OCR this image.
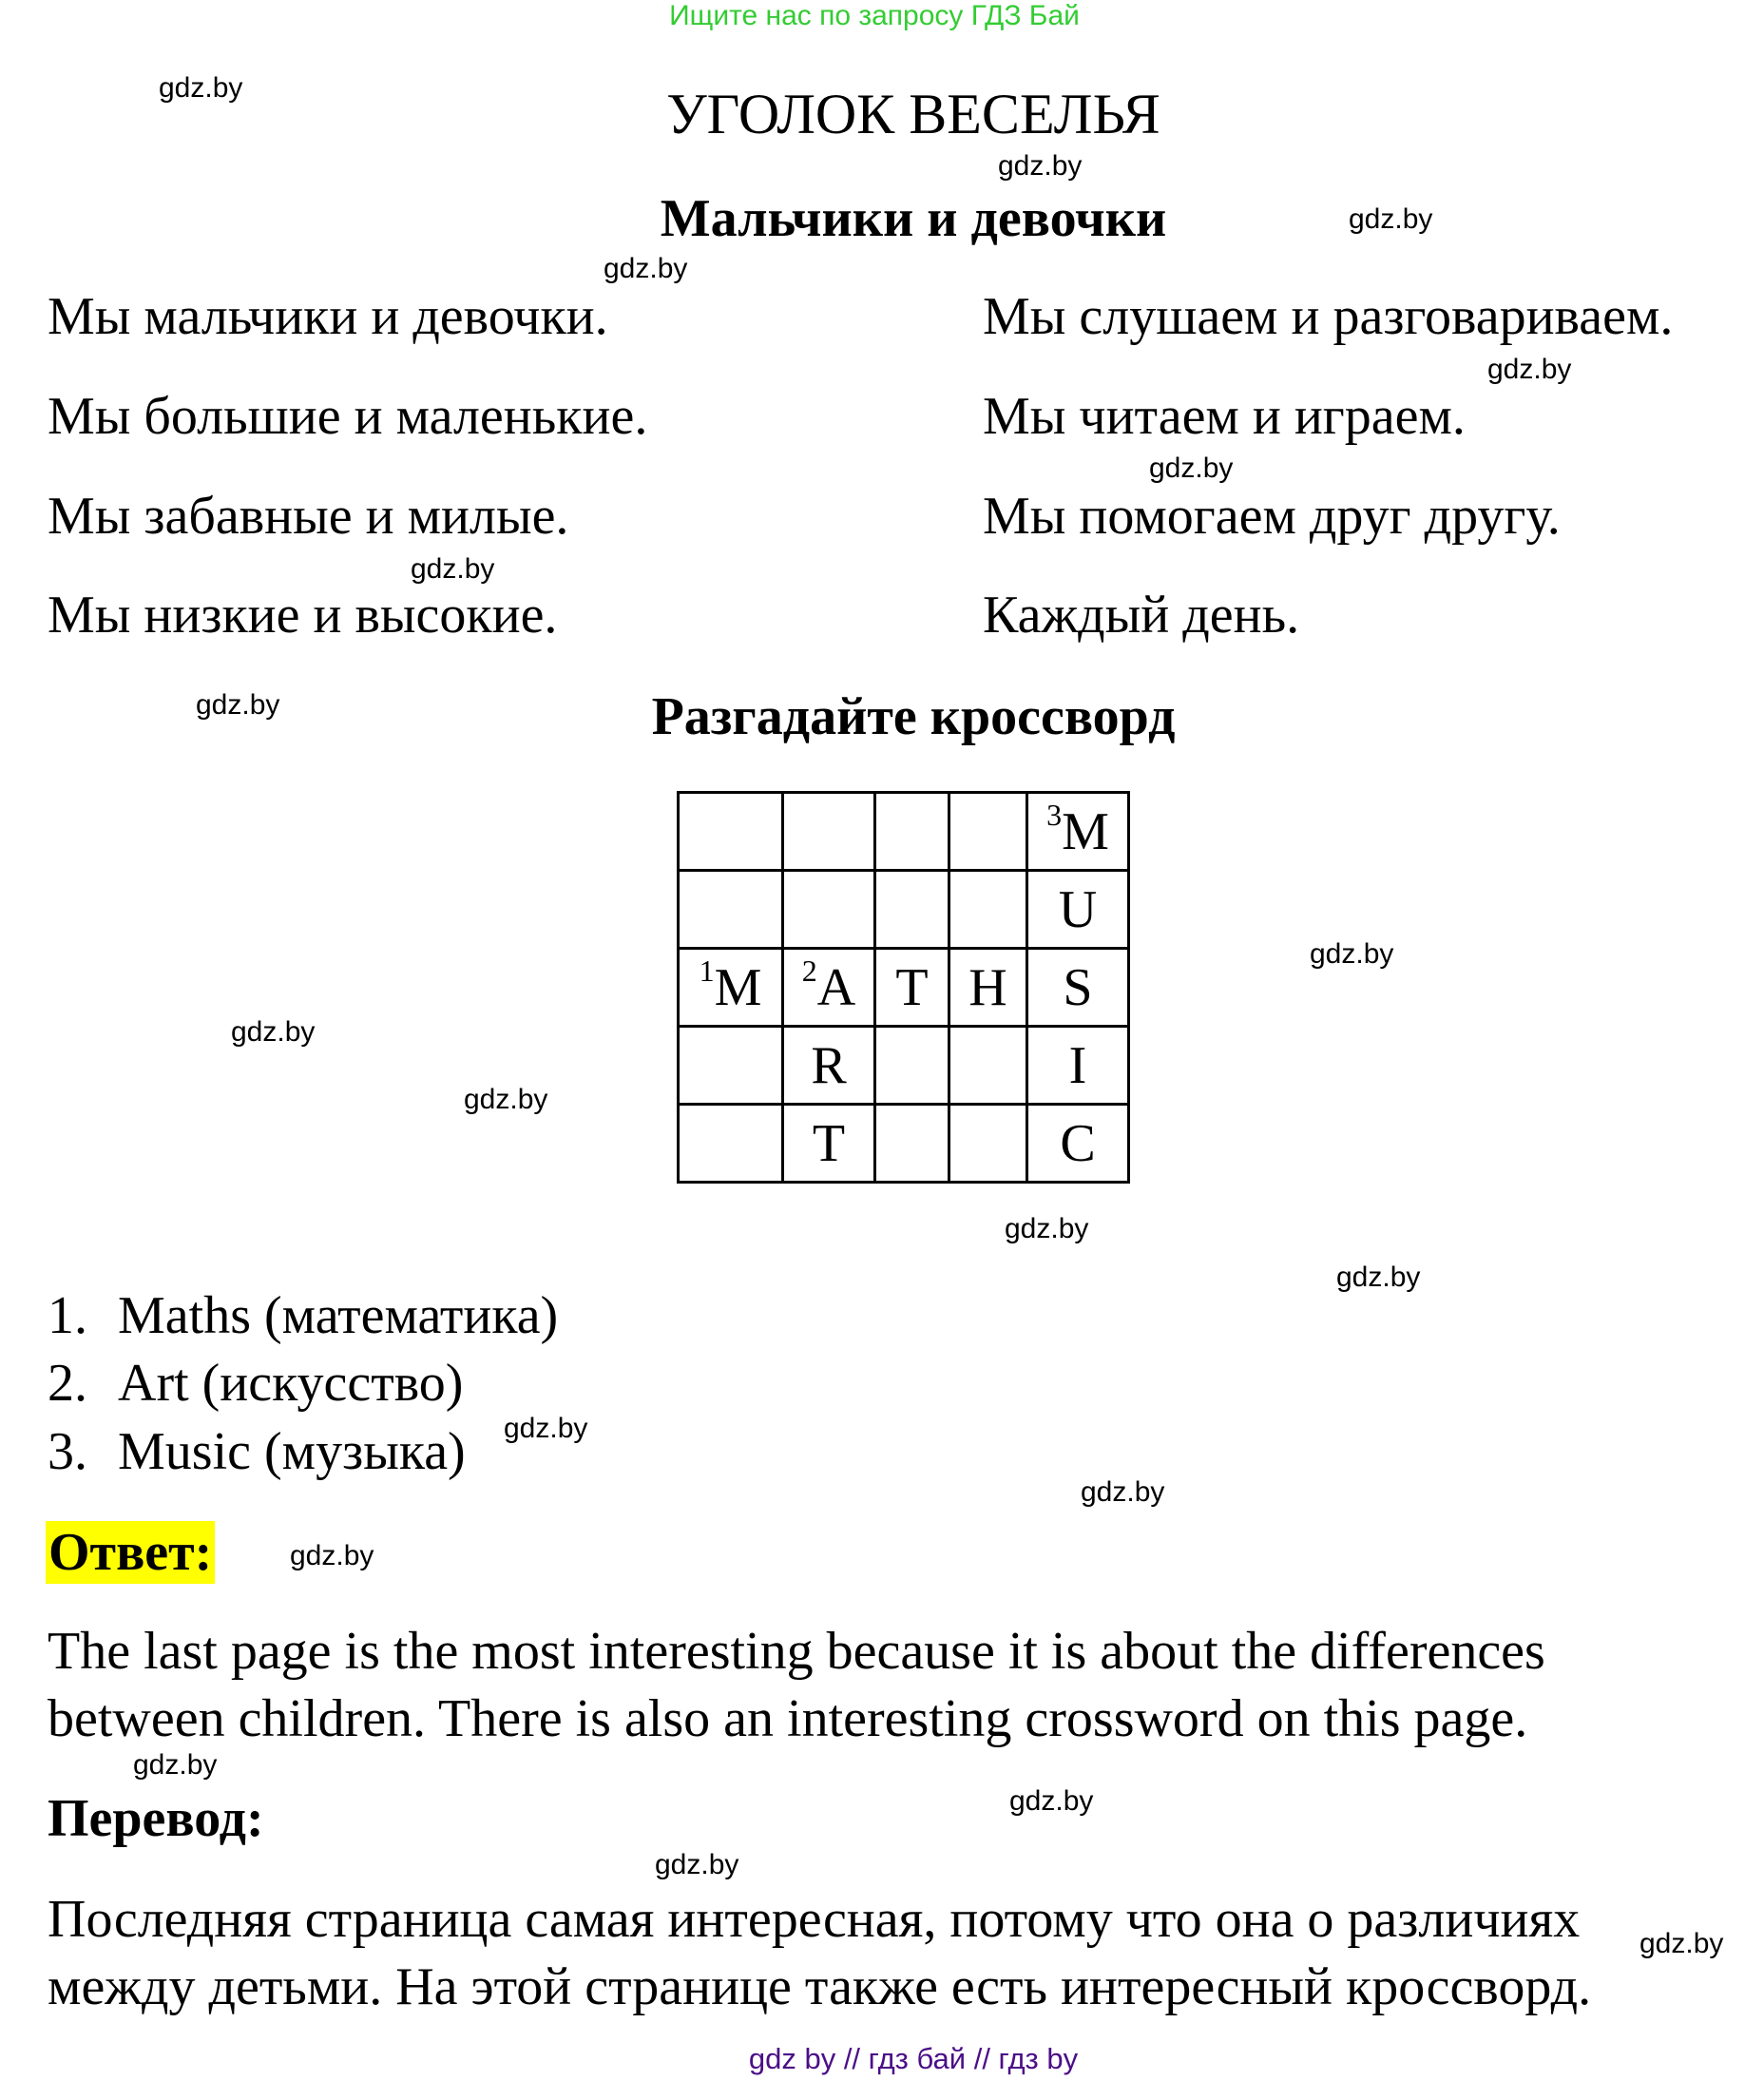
Ищите нас по запросу ГДЗ Бай
УГОЛОК ВЕСЕЛЬЯ
Мальчики и девочки
Мы мальчики и девочки.
Мы большие и маленькие.
Мы забавные и милые.
Мы низкие и высокие.
Мы слушаем и разговариваем.
Мы читаем и играем.
Мы помогаем друг другу.
Каждый день.
Разгадайте кроссворд
				$^3$M
				U
$^1$M	$^2$A	T	H	S
	R			I
	T			C
1. Maths (математика)
2. Art (искусство)
3. Music (музыка)
Ответ:
The last page is the most interesting because it is about the differences
between children. There is also an interesting crossword on this page.
Перевод:
Последняя страница самая интересная, потому что она о различиях
между детьми. На этой странице также есть интересный кроссворд.
gdz.by
gdz.by
gdz.by
gdz.by
gdz.by
gdz.by
gdz.by
gdz.by
gdz.by
gdz.by
gdz.by
gdz.by
gdz.by
gdz.by
gdz.by
gdz.by
gdz.by
gdz.by
gdz.by
gdz.by
gdz by // гдз бай // гдз by
